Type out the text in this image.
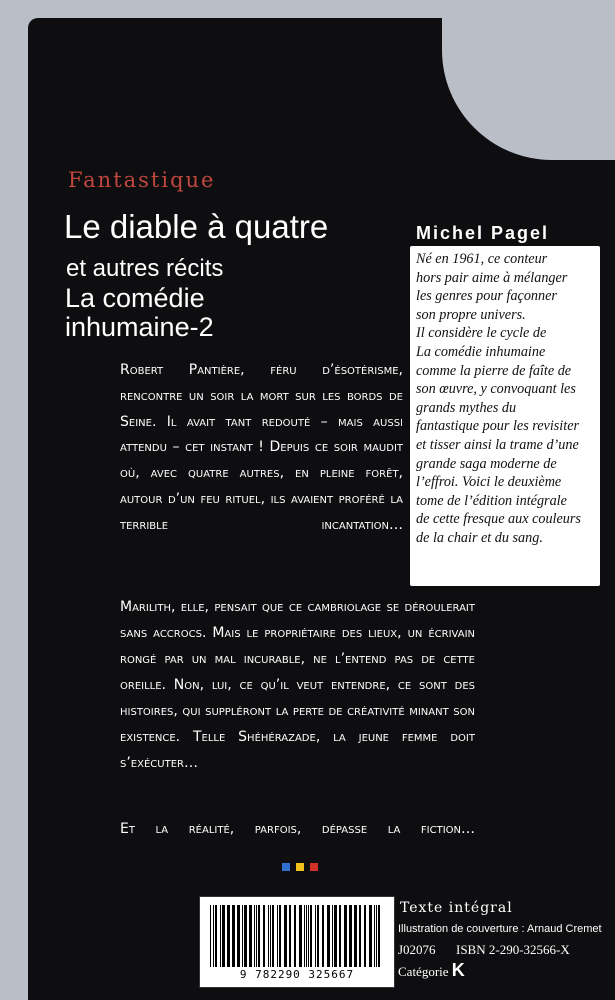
Fantastique
Le diable à quatre
et autres récits
La comédie
inhumaine-2
Michel Pagel
Né en 1961, ce conteur
hors pair aime à mélanger
les genres pour façonner
son propre univers.
Il considère le cycle de
La comédie inhumaine
comme la pierre de faîte de
son œuvre, y convoquant les
grands mythes du
fantastique pour les revisiter
et tisser ainsi la trame d’une
grande saga moderne de
l’effroi. Voici le deuxième
tome de l’édition intégrale
de cette fresque aux couleurs
de la chair et du sang.

Robert Pantière, féru d’ésotérisme, rencontre un soir la mort sur les bords de Seine. Il avait tant redouté – mais aussi attendu – cet instant ! Depuis ce soir maudit où, avec quatre autres, en pleine forêt, autour d’un feu rituel, ils avaient proféré la terrible incantation…

Marilith, elle, pensait que ce cambriolage se déroulerait sans accrocs. Mais le propriétaire des lieux, un écrivain rongé par un mal incurable, ne l’entend pas de cette oreille. Non, lui, ce qu’il veut entendre, ce sont des histoires, qui suppléront la perte de créativité minant son existence. Telle Shéhérazade, la jeune femme doit s’exécuter…

Et la réalité, parfois, dépasse la fiction…

9 782290 325667
Texte intégral
Illustration de couverture : Arnaud Cremet
J02076 ISBN 2-290-32566-X
Catégorie K
